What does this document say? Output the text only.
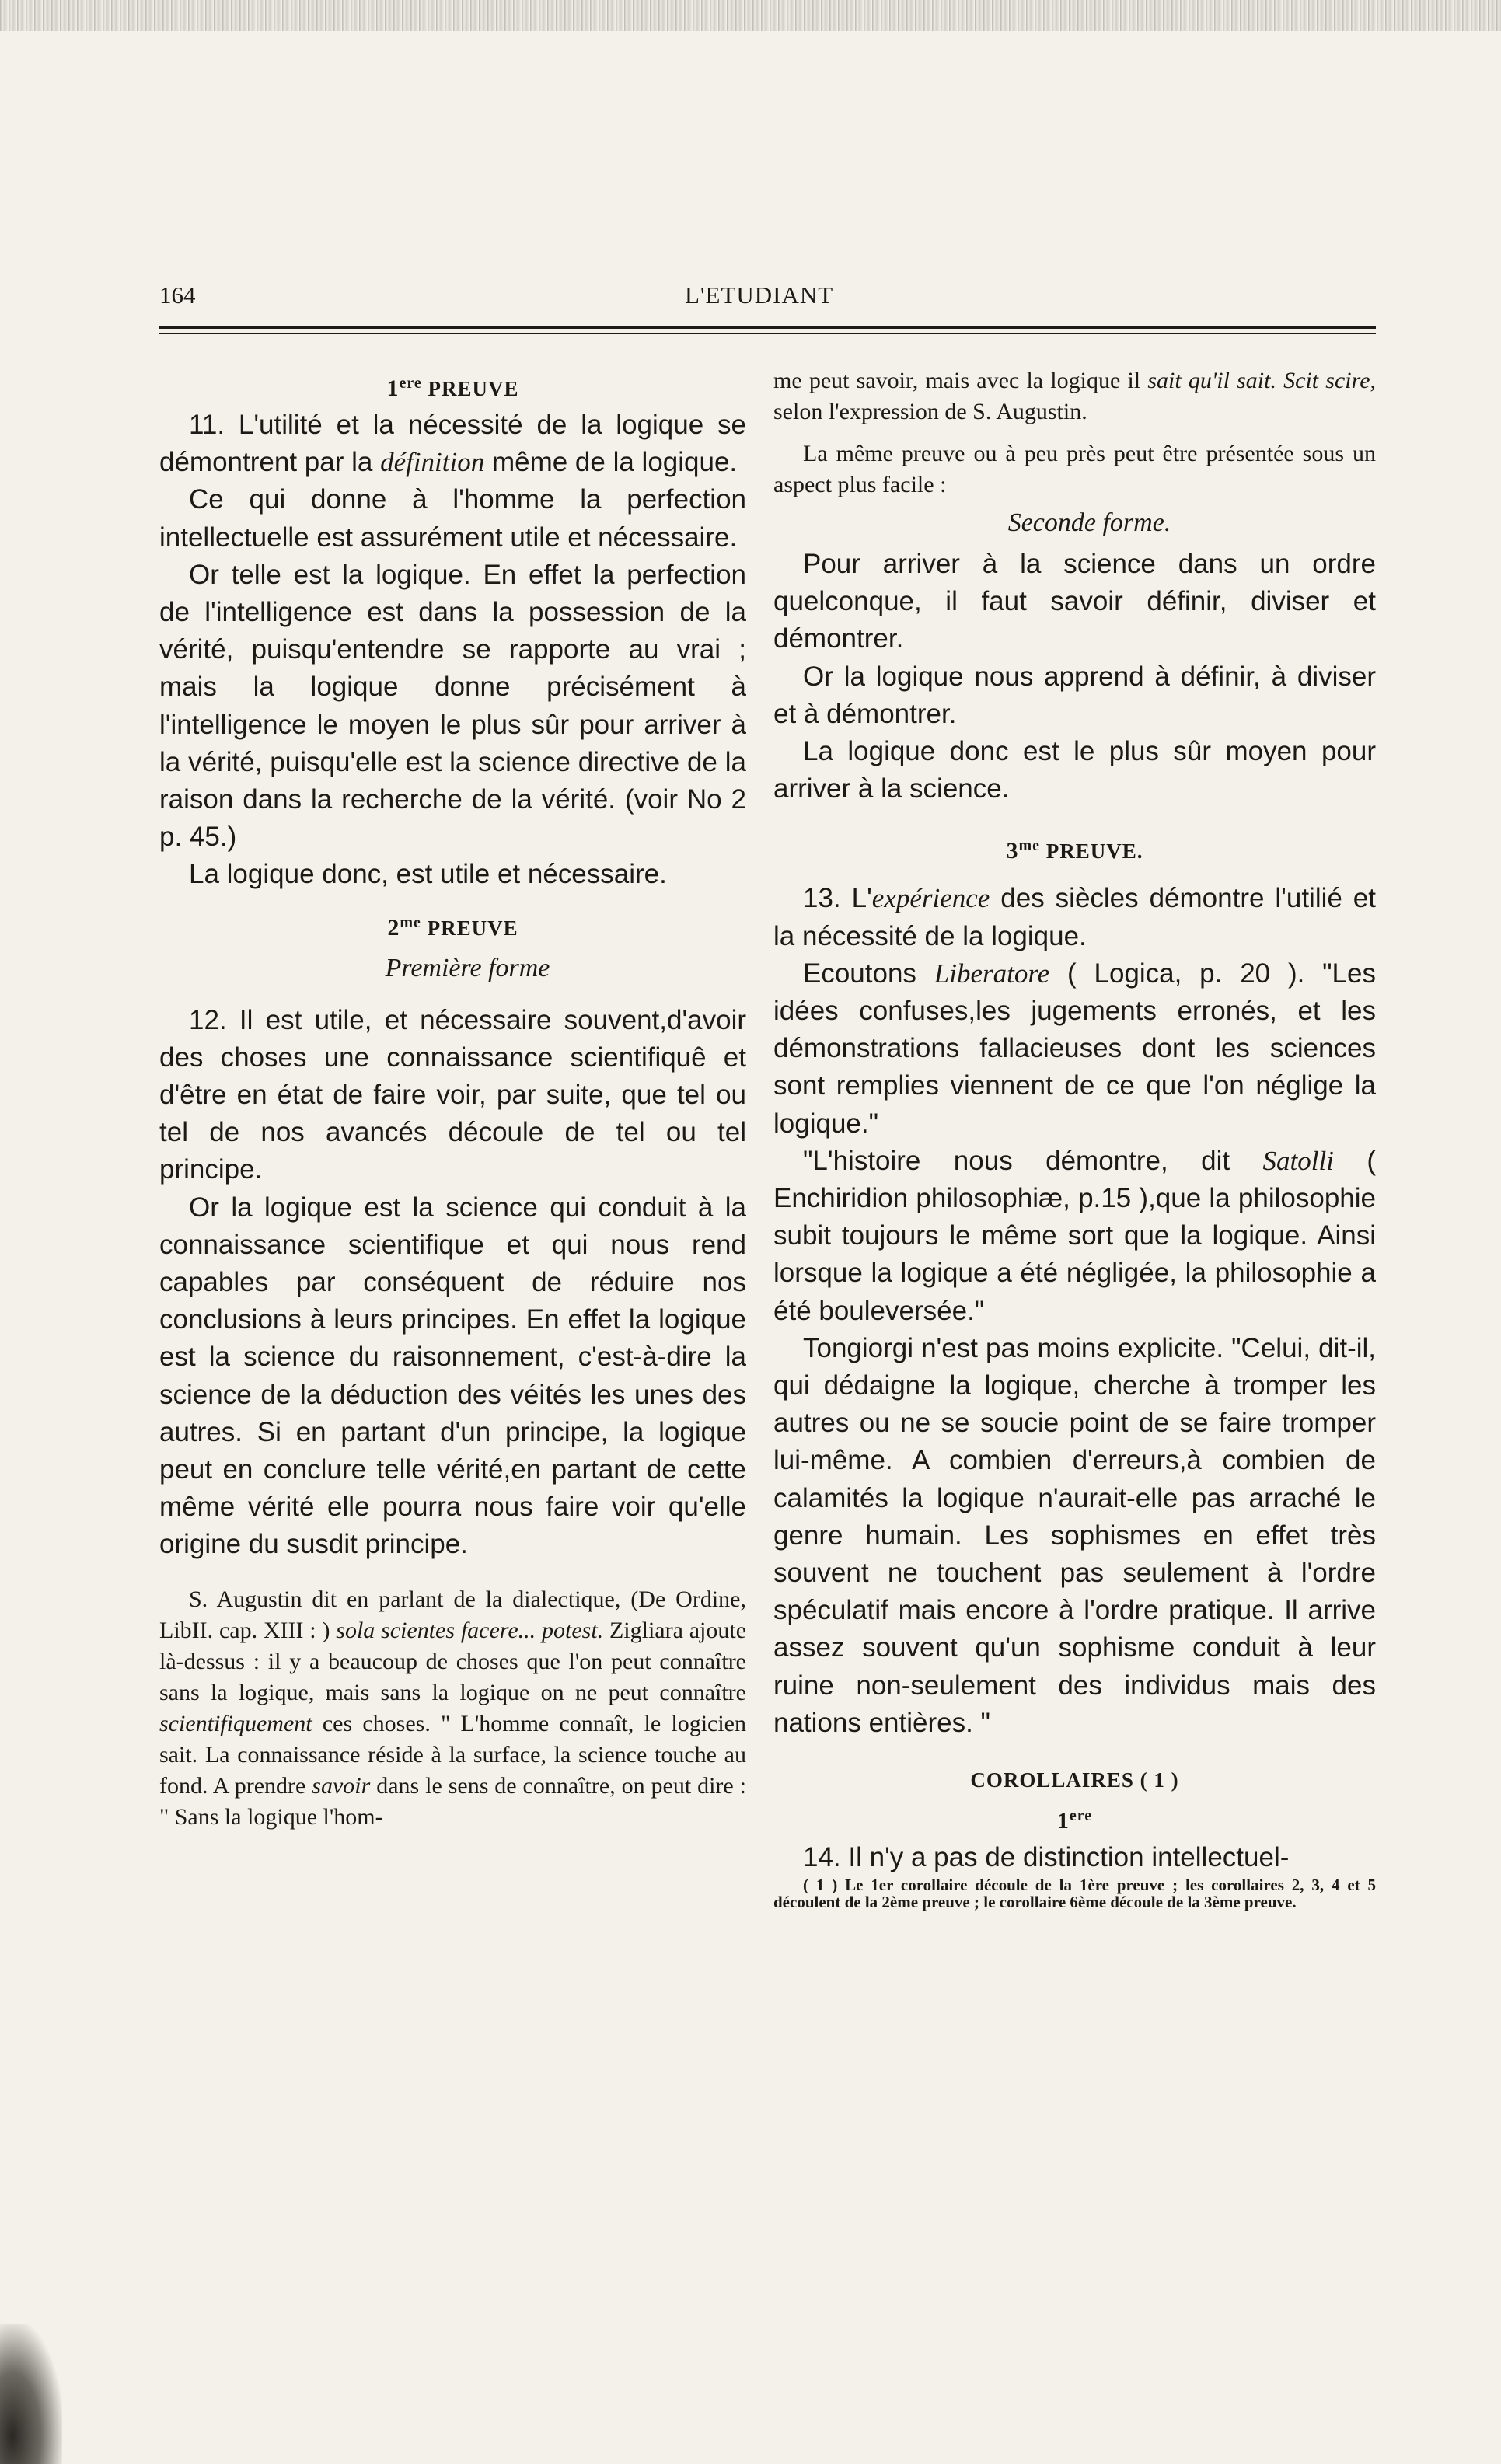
164	L'ETUDIANT
1ere PREUVE

11. L'utilité et la nécessité de la logique se démontrent par la définition même de la logique.

Ce qui donne à l'homme la perfection intellectuelle est assurément utile et nécessaire.

Or telle est la logique. En effet la perfection de l'intelligence est dans la possession de la vérité, puisqu'entendre se rapporte au vrai ; mais la logique donne précisément à l'intelligence le moyen le plus sûr pour arriver à la vérité, puisqu'elle est la science directive de la raison dans la recherche de la vérité. (voir No 2 p. 45.)

La logique donc, est utile et nécessaire.

$2^{me}$ PREUVE

Première forme

12. Il est utile, et nécessaire souvent,d'avoir des choses une connaissance scientifiquê et d'être en état de faire voir, par suite, que tel ou tel de nos avancés découle de tel ou tel principe.

Or la logique est la science qui conduit à la connaissance scientifique et qui nous rend capables par conséquent de réduire nos conclusions à leurs principes. En effet la logique est la science du raisonnement, c'est-à-dire la science de la déduction des véités les unes des autres. Si en partant d'un principe, la logique peut en conclure telle vérité,en partant de cette même vérité elle pourra nous faire voir qu'elle origine du susdit principe.

S. Augustin dit en parlant de la dialectique, (De Ordine, LibII. cap. XIII : ) sola scientes facere... potest. Zigliara ajoute là-dessus : il y a beaucoup de choses que l'on peut connaître sans la logique, mais sans la logique on ne peut connaître scientifiquement ces choses. " L'homme connaît, le logicien sait. La connaissance réside à la surface, la science touche au fond. A prendre savoir dans le sens de connaître, on peut dire : " Sans la logique l'hom-

me peut savoir, mais avec la logique il sait qu'il sait. Scit scire, selon l'expression de S. Augustin.

La même preuve ou à peu près peut être présentée sous un aspect plus facile :

Seconde forme.

Pour arriver à la science dans un ordre quelconque, il faut savoir définir, diviser et démontrer.

Or la logique nous apprend à définir, à diviser et à démontrer.

La logique donc est le plus sûr moyen pour arriver à la science.

$3^{me}$ PREUVE.

13. L'expérience des siècles démontre l'utilié et la nécessité de la logique.

Ecoutons Liberatore ( Logica, p. 20 ). "Les idées confuses,les jugements erronés, et les démonstrations fallacieuses dont les sciences sont remplies viennent de ce que l'on néglige la logique."

"L'histoire nous démontre, dit Satolli ( Enchiridion philosophiæ, p.15 ),que la philosophie subit toujours le même sort que la logique. Ainsi lorsque la logique a été négligée, la philosophie a été bouleversée."

Tongiorgi n'est pas moins explicite. "Celui, dit-il, qui dédaigne la logique, cherche à tromper les autres ou ne se soucie point de se faire tromper lui-même. A combien d'erreurs,à combien de calamités la logique n'aurait-elle pas arraché le genre humain. Les sophismes en effet très souvent ne touchent pas seulement à l'ordre spéculatif mais encore à l'ordre pratique. Il arrive assez souvent qu'un sophisme conduit à leur ruine non-seulement des individus mais des nations entières. "

COROLLAIRES ( 1 )
1ere

14. Il n'y a pas de distinction intellectuel-

( 1 ) Le 1er corollaire découle de la 1ère preuve ; les corollaires 2, 3, 4 et 5 découlent de la 2ème preuve ; le corollaire 6ème découle de la 3ème preuve.
